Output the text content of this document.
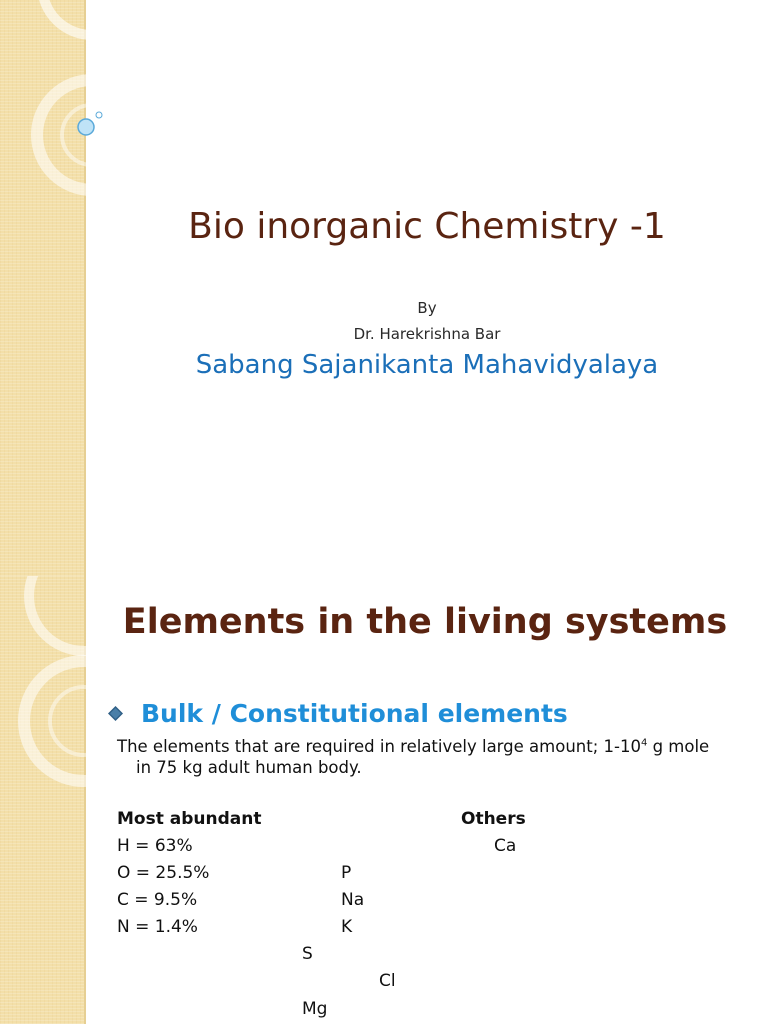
Bio inorganic Chemistry -1
By
Dr. Harekrishna Bar
Sabang Sajanikanta Mahavidyalaya
Elements in the living systems
Bulk / Constitutional elements
The elements that are required in relatively large amount; $1-10^4$ g mole
in 75 kg adult human body.
Most abundant	Others
H = 63%
O = 25.5%
C = 9.5%
N = 1.4%
Ca
P
Na
K
S
Cl
Mg
